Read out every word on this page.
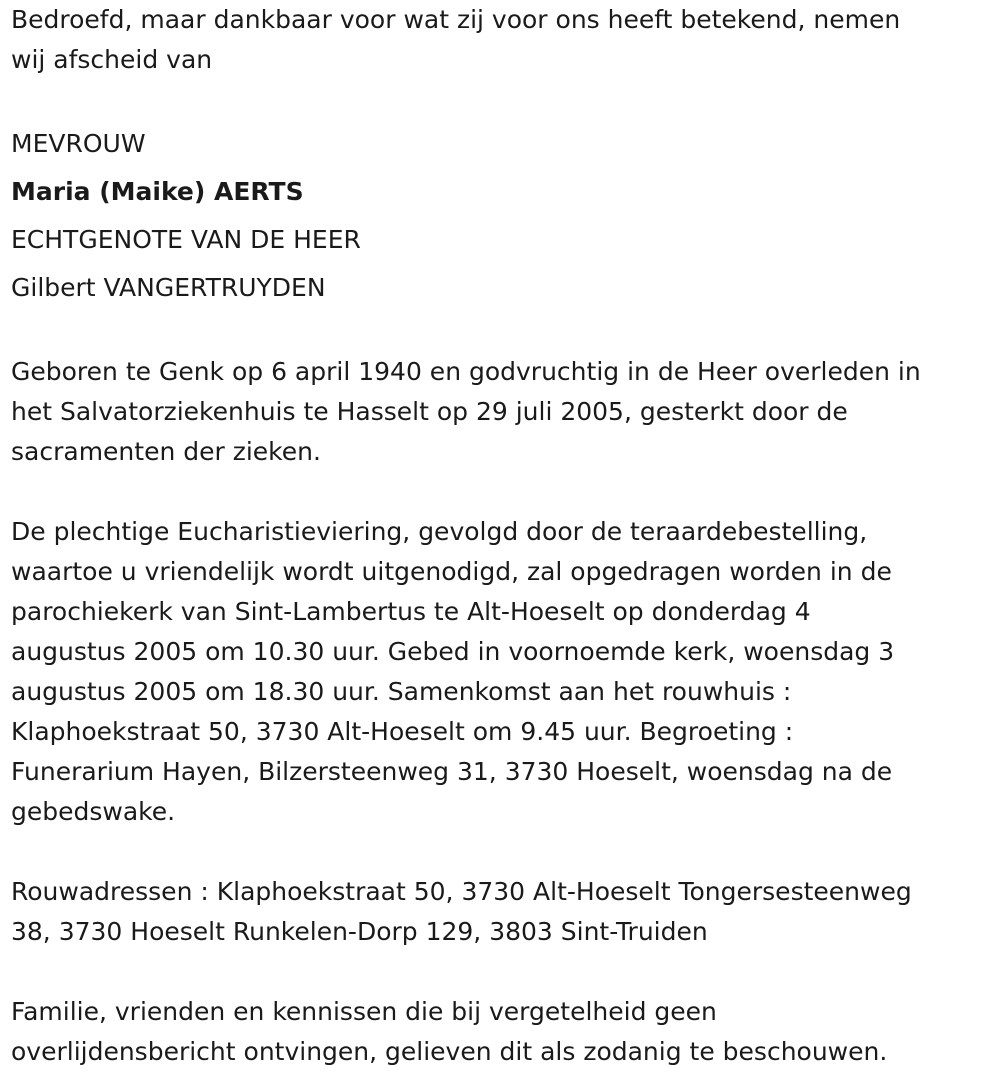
Bedroefd, maar dankbaar voor wat zij voor ons heeft betekend, nemen
wij afscheid van
MEVROUW
Maria (Maike) AERTS
ECHTGENOTE VAN DE HEER
Gilbert VANGERTRUYDEN
Geboren te Genk op 6 april 1940 en godvruchtig in de Heer overleden in
het Salvatorziekenhuis te Hasselt op 29 juli 2005, gesterkt door de
sacramenten der zieken.
De plechtige Eucharistieviering, gevolgd door de teraardebestelling,
waartoe u vriendelijk wordt uitgenodigd, zal opgedragen worden in de
parochiekerk van Sint-Lambertus te Alt-Hoeselt op donderdag 4
augustus 2005 om 10.30 uur. Gebed in voornoemde kerk, woensdag 3
augustus 2005 om 18.30 uur. Samenkomst aan het rouwhuis :
Klaphoekstraat 50, 3730 Alt-Hoeselt om 9.45 uur. Begroeting :
Funerarium Hayen, Bilzersteenweg 31, 3730 Hoeselt, woensdag na de
gebedswake.
Rouwadressen : Klaphoekstraat 50, 3730 Alt-Hoeselt Tongersesteenweg
38, 3730 Hoeselt Runkelen-Dorp 129, 3803 Sint-Truiden
Familie, vrienden en kennissen die bij vergetelheid geen
overlijdensbericht ontvingen, gelieven dit als zodanig te beschouwen.
